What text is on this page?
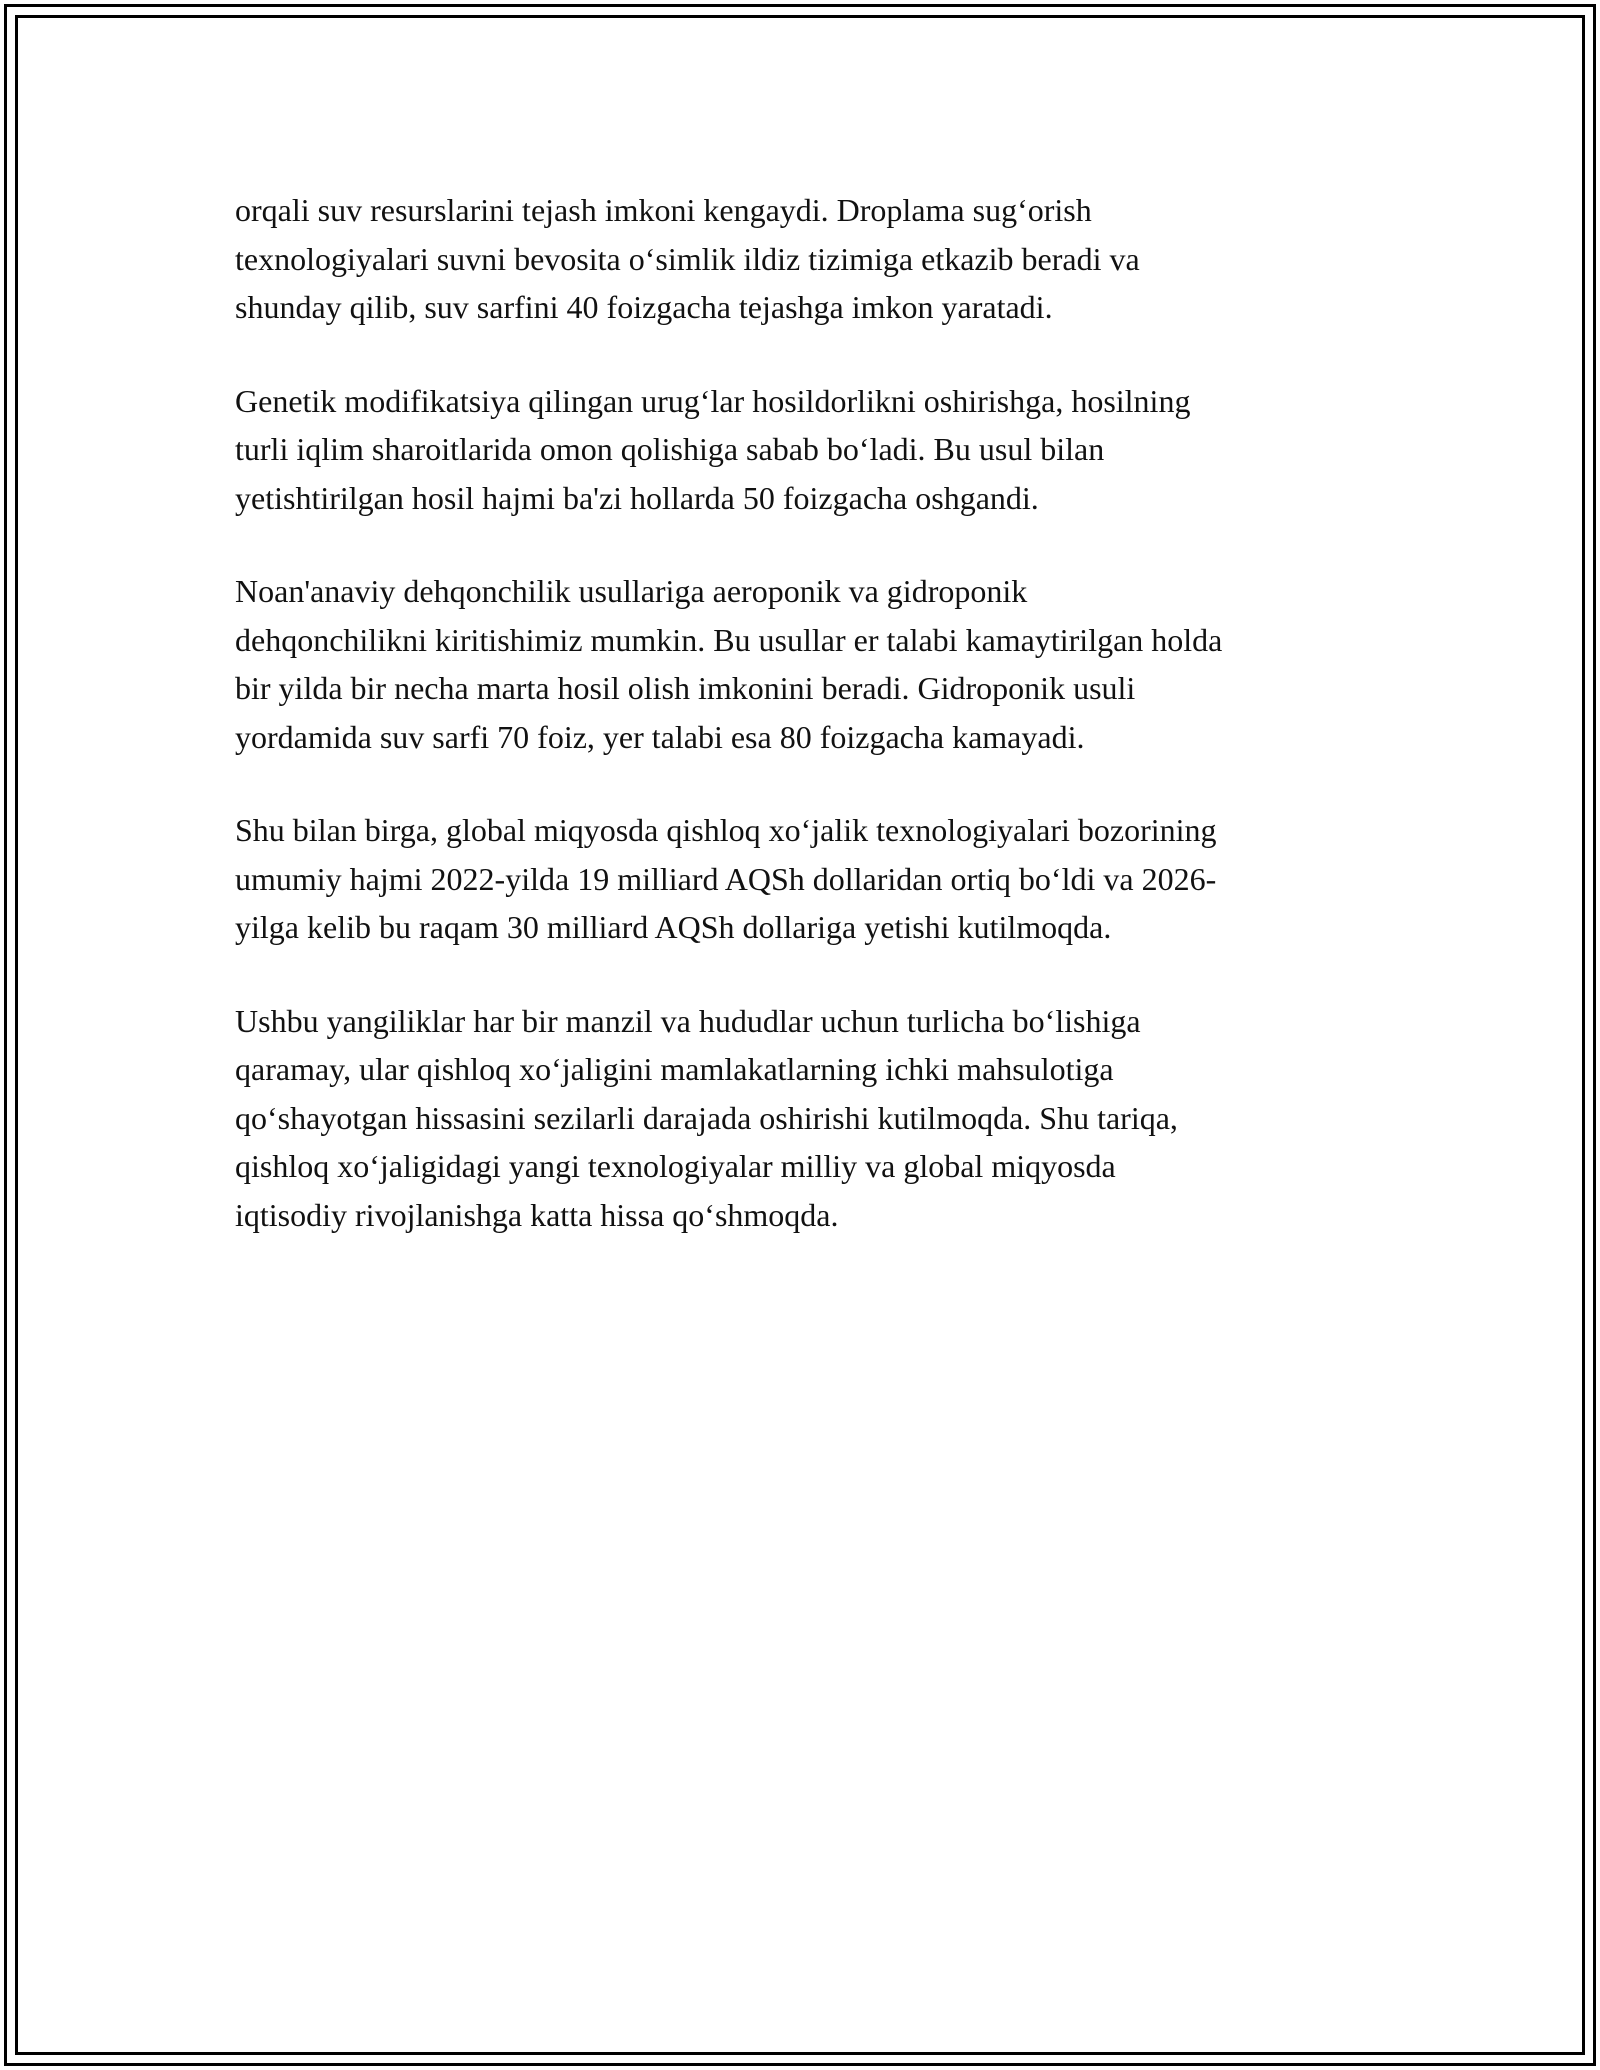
orqali suv resurslarini tejash imkoni kengaydi. Droplama sug‘orish
texnologiyalari suvni bevosita o‘simlik ildiz tizimiga etkazib beradi va
shunday qilib, suv sarfini 40 foizgacha tejashga imkon yaratadi.

Genetik modifikatsiya qilingan urug‘lar hosildorlikni oshirishga, hosilning
turli iqlim sharoitlarida omon qolishiga sabab bo‘ladi. Bu usul bilan
yetishtirilgan hosil hajmi ba'zi hollarda 50 foizgacha oshgandi.

Noan'anaviy dehqonchilik usullariga aeroponik va gidroponik
dehqonchilikni kiritishimiz mumkin. Bu usullar er talabi kamaytirilgan holda
bir yilda bir necha marta hosil olish imkonini beradi. Gidroponik usuli
yordamida suv sarfi 70 foiz, yer talabi esa 80 foizgacha kamayadi.

Shu bilan birga, global miqyosda qishloq xo‘jalik texnologiyalari bozorining
umumiy hajmi 2022-yilda 19 milliard AQSh dollaridan ortiq bo‘ldi va 2026-
yilga kelib bu raqam 30 milliard AQSh dollariga yetishi kutilmoqda.

Ushbu yangiliklar har bir manzil va hududlar uchun turlicha bo‘lishiga
qaramay, ular qishloq xo‘jaligini mamlakatlarning ichki mahsulotiga
qo‘shayotgan hissasini sezilarli darajada oshirishi kutilmoqda. Shu tariqa,
qishloq xo‘jaligidagi yangi texnologiyalar milliy va global miqyosda
iqtisodiy rivojlanishga katta hissa qo‘shmoqda.
